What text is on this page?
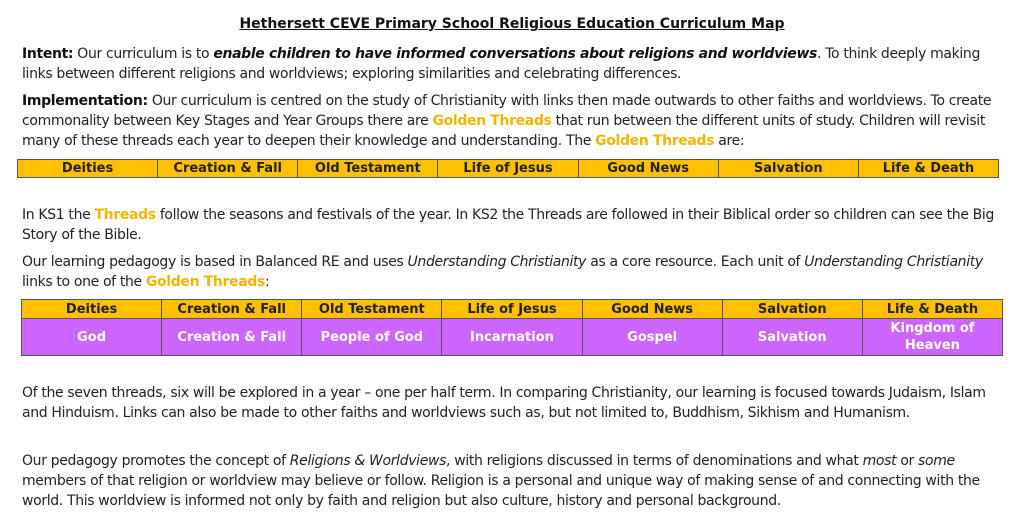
Hethersett CEVE Primary School Religious Education Curriculum Map
Intent: Our curriculum is to enable children to have informed conversations about religions and worldviews. To think deeply making links between different religions and worldviews; exploring similarities and celebrating differences.
Implementation: Our curriculum is centred on the study of Christianity with links then made outwards to other faiths and worldviews. To create commonality between Key Stages and Year Groups there are Golden Threads that run between the different units of study. Children will revisit many of these threads each year to deepen their knowledge and understanding. The Golden Threads are:
Deities	Creation & Fall	Old Testament	Life of Jesus	Good News	Salvation	Life & Death
In KS1 the Threads follow the seasons and festivals of the year. In KS2 the Threads are followed in their Biblical order so children can see the Big Story of the Bible.
Our learning pedagogy is based in Balanced RE and uses Understanding Christianity as a core resource. Each unit of Understanding Christianity links to one of the Golden Threads:
Deities	Creation & Fall	Old Testament	Life of Jesus	Good News	Salvation	Life & Death
God	Creation & Fall	People of God	Incarnation	Gospel	Salvation	Kingdom of Heaven
Of the seven threads, six will be explored in a year – one per half term. In comparing Christianity, our learning is focused towards Judaism, Islam and Hinduism. Links can also be made to other faiths and worldviews such as, but not limited to, Buddhism, Sikhism and Humanism.
Our pedagogy promotes the concept of Religions & Worldviews, with religions discussed in terms of denominations and what most or some members of that religion or worldview may believe or follow. Religion is a personal and unique way of making sense of and connecting with the world. This worldview is informed not only by faith and religion but also culture, history and personal background.
